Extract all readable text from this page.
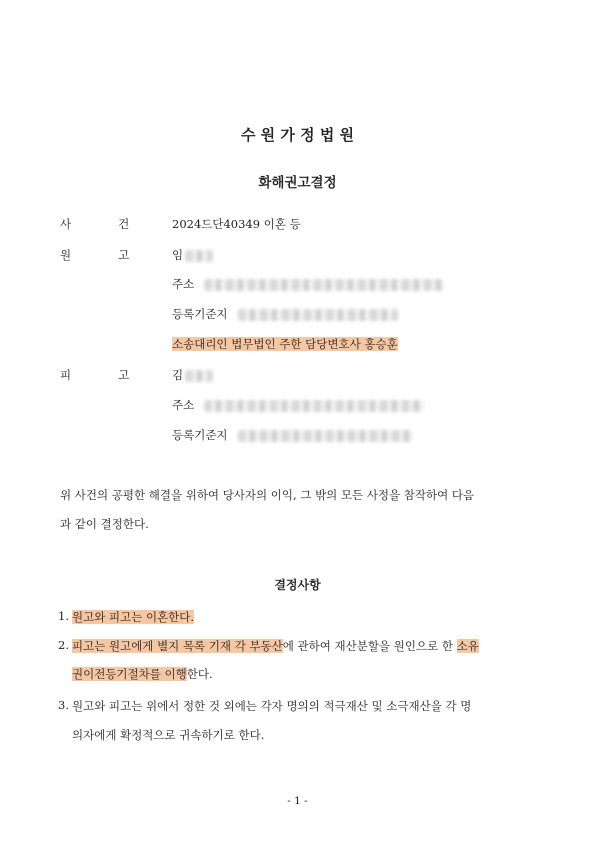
수 원 가 정 법 원
화해권고결정
사	건	2024드단40349 이혼 등
원	고	임
주소
등록기준지
소송대리인 법무법인 주한 담당변호사 홍승훈
피	고	김
주소
등록기준지
위 사건의 공평한 해결을 위하여 당사자의 이익, 그 밖의 모든 사정을 참작하여 다음
과 같이 결정한다.
결정사항
1. 원고와 피고는 이혼한다.
2. 피고는 원고에게 별지 목록 기재 각 부동산에 관하여 재산분할을 원인으로 한 소유
권이전등기절차를 이행한다.
3. 원고와 피고는 위에서 정한 것 외에는 각자 명의의 적극재산 및 소극재산을 각 명
의자에게 확정적으로 귀속하기로 한다.
- 1 -
